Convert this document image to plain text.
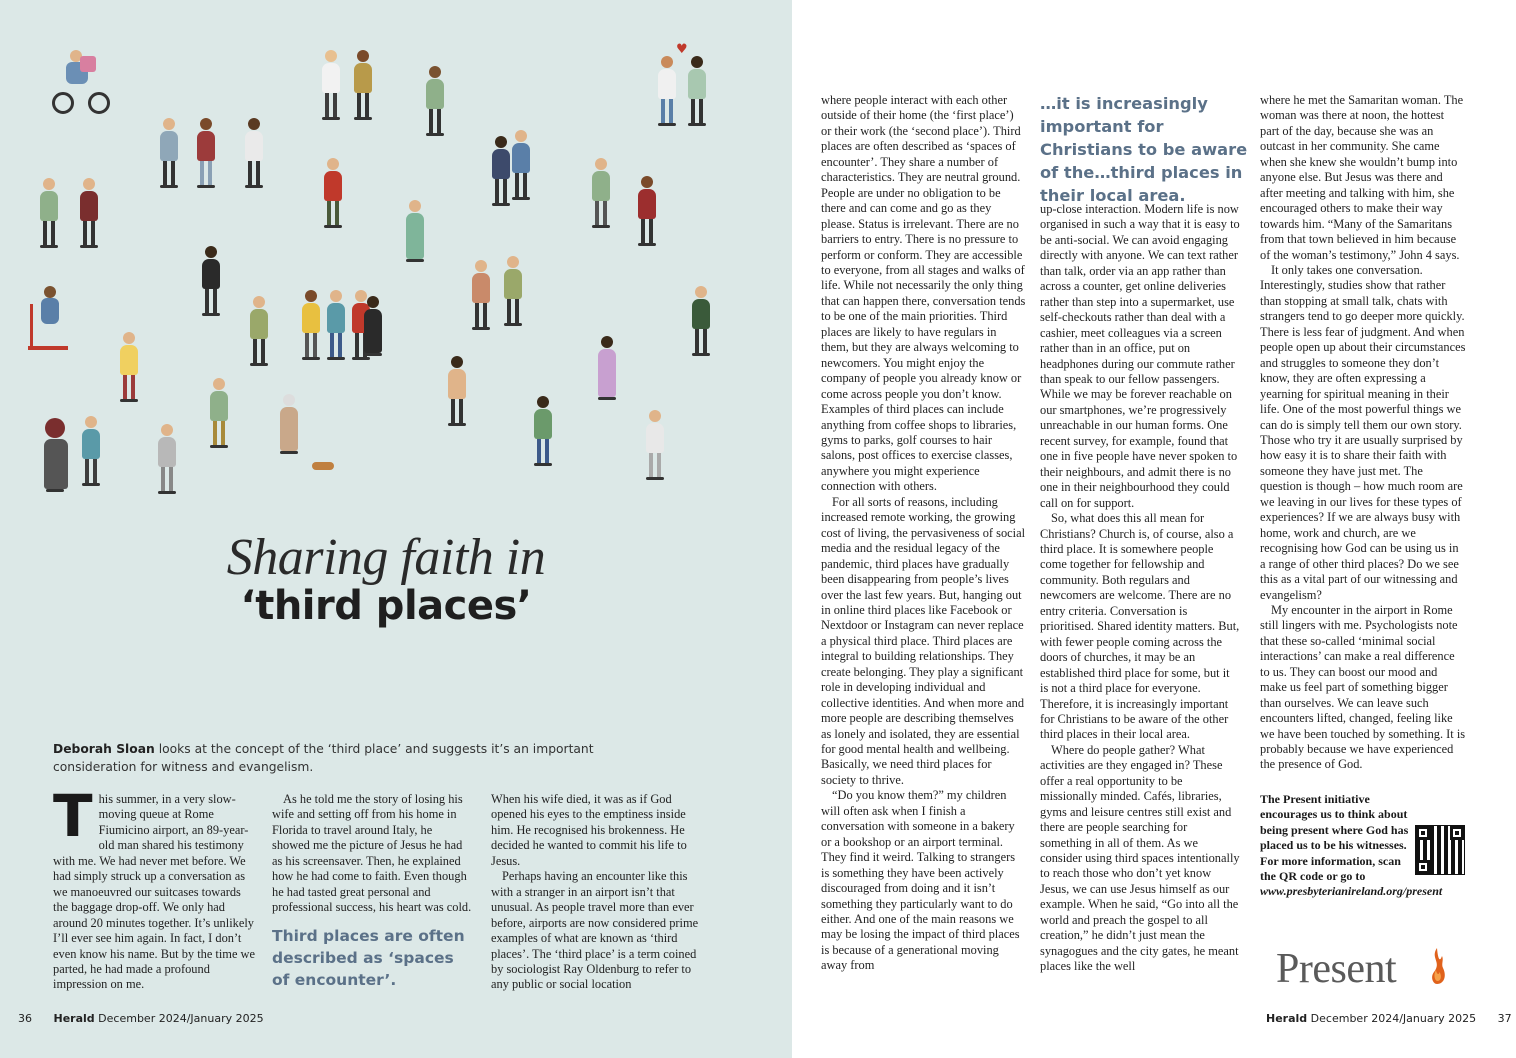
♥
Sharing faith in
‘third places’
Deborah Sloan looks at the concept of the ‘third place’ and suggests it’s an important consideration for witness and evangelism.

This summer, in a very slow-moving queue at Rome Fiumicino airport, an 89-year-old man shared his testimony with me. We had never met before. We had simply struck up a conversation as we manoeuvred our suitcases towards the baggage drop-off. We only had around 20 minutes together. It’s unlikely I’ll ever see him again. In fact, I don’t even know his name. But by the time we parted, he had made a profound impression on me.

As he told me the story of losing his wife and setting off from his home in Florida to travel around Italy, he showed me the picture of Jesus he had as his screensaver. Then, he explained how he had come to faith. Even though he had tasted great personal and professional success, his heart was cold.

Third places are often described as ‘spaces of encounter’.

When his wife died, it was as if God opened his eyes to the emptiness inside him. He recognised his brokenness. He decided he wanted to commit his life to Jesus.

Perhaps having an encounter like this with a stranger in an airport isn’t that unusual. As people travel more than ever before, airports are now considered prime examples of what are known as ‘third places’. The ‘third place’ is a term coined by sociologist Ray Oldenburg to refer to any public or social location

36 Herald December 2024/January 2025

where people interact with each other outside of their home (the ‘first place’) or their work (the ‘second place’). Third places are often described as ‘spaces of encounter’. They share a number of characteristics. They are neutral ground. People are under no obligation to be there and can come and go as they please. Status is irrelevant. There are no barriers to entry. There is no pressure to perform or conform. They are accessible to everyone, from all stages and walks of life. While not necessarily the only thing that can happen there, conversation tends to be one of the main priorities. Third places are likely to have regulars in them, but they are always welcoming to newcomers. You might enjoy the company of people you already know or come across people you don’t know. Examples of third places can include anything from coffee shops to libraries, gyms to parks, golf courses to hair salons, post offices to exercise classes, anywhere you might experience connection with others.

For all sorts of reasons, including increased remote working, the growing cost of living, the pervasiveness of social media and the residual legacy of the pandemic, third places have gradually been disappearing from people’s lives over the last few years. But, hanging out in online third places like Facebook or Nextdoor or Instagram can never replace a physical third place. Third places are integral to building relationships. They create belonging. They play a significant role in developing individual and collective identities. And when more and more people are describing themselves as lonely and isolated, they are essential for good mental health and wellbeing. Basically, we need third places for society to thrive.

“Do you know them?” my children will often ask when I finish a conversation with someone in a bakery or a bookshop or an airport terminal. They find it weird. Talking to strangers is something they have been actively discouraged from doing and it isn’t something they particularly want to do either. And one of the main reasons we may be losing the impact of third places is because of a generational moving away from

…it is increasingly important for Christians to be aware of the…third places in their local area.

up-close interaction. Modern life is now organised in such a way that it is easy to be anti-social. We can avoid engaging directly with anyone. We can text rather than talk, order via an app rather than across a counter, get online deliveries rather than step into a supermarket, use self-checkouts rather than deal with a cashier, meet colleagues via a screen rather than in an office, put on headphones during our commute rather than speak to our fellow passengers. While we may be forever reachable on our smartphones, we’re progressively unreachable in our human forms. One recent survey, for example, found that one in five people have never spoken to their neighbours, and admit there is no one in their neighbourhood they could call on for support.

So, what does this all mean for Christians? Church is, of course, also a third place. It is somewhere people come together for fellowship and community. Both regulars and newcomers are welcome. There are no entry criteria. Conversation is prioritised. Shared identity matters. But, with fewer people coming across the doors of churches, it may be an established third place for some, but it is not a third place for everyone. Therefore, it is increasingly important for Christians to be aware of the other third places in their local area.

Where do people gather? What activities are they engaged in? These offer a real opportunity to be missionally minded. Cafés, libraries, gyms and leisure centres still exist and there are people searching for something in all of them. As we consider using third spaces intentionally to reach those who don’t yet know Jesus, we can use Jesus himself as our example. When he said, “Go into all the world and preach the gospel to all creation,” he didn’t just mean the synagogues and the city gates, he meant places like the well

where he met the Samaritan woman. The woman was there at noon, the hottest part of the day, because she was an outcast in her community. She came when she knew she wouldn’t bump into anyone else. But Jesus was there and after meeting and talking with him, she encouraged others to make their way towards him. “Many of the Samaritans from that town believed in him because of the woman’s testimony,” John 4 says.

It only takes one conversation. Interestingly, studies show that rather than stopping at small talk, chats with strangers tend to go deeper more quickly. There is less fear of judgment. And when people open up about their circumstances and struggles to someone they don’t know, they are often expressing a yearning for spiritual meaning in their life. One of the most powerful things we can do is simply tell them our own story. Those who try it are usually surprised by how easy it is to share their faith with someone they have just met. The question is though – how much room are we leaving in our lives for these types of experiences? If we are always busy with home, work and church, are we recognising how God can be using us in a range of other third places? Do we see this as a vital part of our witnessing and evangelism?

My encounter in the airport in Rome still lingers with me. Psychologists note that these so-called ‘minimal social interactions’ can make a real difference to us. They can boost our mood and make us feel part of something bigger than ourselves. We can leave such encounters lifted, changed, feeling like we have been touched by something. It is probably because we have experienced the presence of God.

The Present initiative encourages us to think about being present where God has placed us to be his witnesses. For more information, scan the QR code or go to
www.presbyterianireland.org/present
Present
Herald December 2024/January 2025 37
